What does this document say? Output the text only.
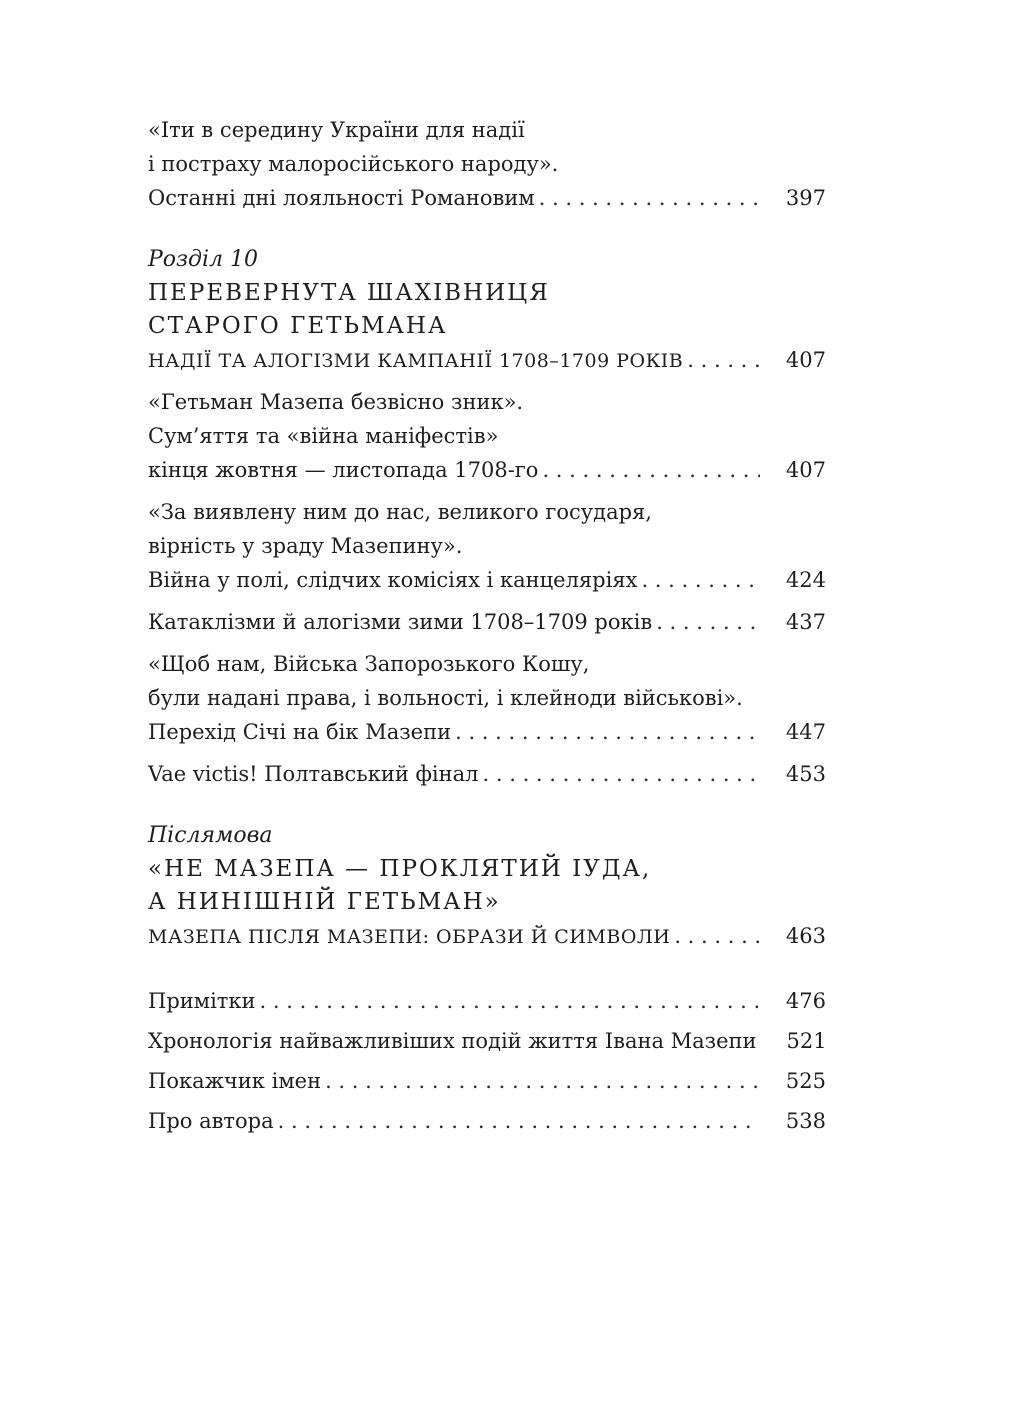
«Іти в середину України для надії
і постраху малоросійського народу».
Останні дні лояльності Романовим . . .	397
Розділ 10
ПЕРЕВЕРНУТА ШАХІВНИЦЯ
СТАРОГО ГЕТЬМАНА
НАДІЇ ТА АЛОГІЗМИ КАМПАНІЇ 1708–1709 РОКІВ . . .	407
«Гетьман Мазепа безвісно зник».
Сум’яття та «війна маніфестів»
кінця жовтня — листопада 1708-го . . .	407
«За виявлену ним до нас, великого государя,
вірність у зраду Мазепину».
Війна у полі, слідчих комісіях і канцеляріях . . .	424
Катаклізми й алогізми зими 1708–1709 років . . .	437
«Щоб нам, Війська Запорозького Кошу,
були надані права, і вольності, і клейноди військові».
Перехід Січі на бік Мазепи . . .	447
Vae victis! Полтавський фінал . . .	453
Післямова
«НЕ МАЗЕПА — ПРОКЛЯТИЙ ІУДА,
А НИНІШНІЙ ГЕТЬМАН»
МАЗЕПА ПІСЛЯ МАЗЕПИ: ОБРАЗИ Й СИМВОЛИ . . .	463
Примітки . . .	476
Хронологія найважливіших подій життя Івана Мазепи	521
Покажчик імен . . .	525
Про автора . . .	538
